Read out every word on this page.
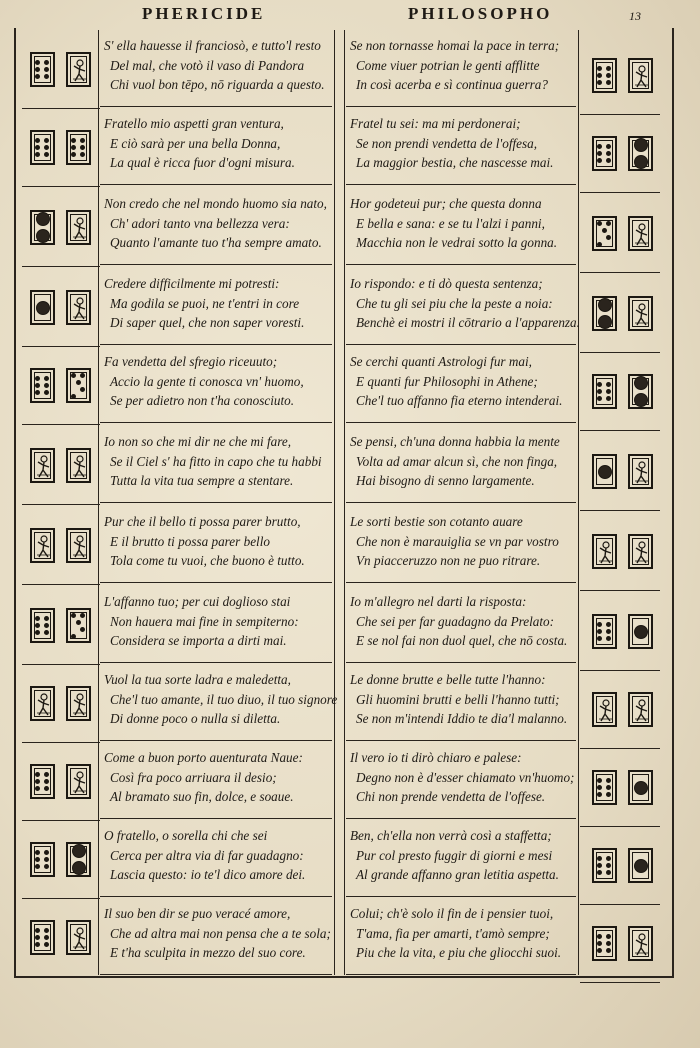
PHERICIDE	PHILOSOPHO	13
S' ella hauesse il franciosò, e tutto'l resto
Del mal, che votò il vaso di Pandora
Chi vuol bon tēpo, nō riguarda a questo.
Fratello mio aspetti gran ventura,
E ciò sarà per una bella Donna,
La qual è ricca fuor d'ogni misura.
Non credo che nel mondo huomo sia nato,
Ch' adori tanto vna bellezza vera:
Quanto l'amante tuo t'ha sempre amato.
Credere difficilmente mi potresti:
Ma godila se puoi, ne t'entri in core
Di saper quel, che non saper voresti.
Fa vendetta del sfregio riceuuto;
Accio la gente ti conosca vn' huomo,
Se per adietro non t'ha conosciuto.
Io non so che mi dir ne che mi fare,
Se il Ciel s' ha fitto in capo che tu habbi
Tutta la vita tua sempre a stentare.
Pur che il bello ti possa parer brutto,
E il brutto ti possa parer bello
Tola come tu vuoi, che buono è tutto.
L'affanno tuo; per cui doglioso stai
Non hauera mai fine in sempiterno:
Considera se importa a dirti mai.
Vuol la tua sorte ladra e maledetta,
Che'l tuo amante, il tuo diuo, il tuo signore
Di donne poco o nulla si diletta.
Come a buon porto auenturata Naue:
Così fra poco arriuara il desio;
Al bramato suo fin, dolce, e soaue.
O fratello, o sorella chi che sei
Cerca per altra via di far guadagno:
Lascia questo: io te'l dico amore dei.
Il suo ben dir se puo veracé amore,
Che ad altra mai non pensa che a te sola;
E t'ha sculpita in mezzo del suo core.
Se non tornasse homai la pace in terra;
Come viuer potrian le genti afflitte
In così acerba e sì continua guerra?
Fratel tu sei: ma mi perdonerai;
Se non prendi vendetta de l'offesa,
La maggior bestia, che nascesse mai.
Hor godeteui pur; che questa donna
E bella e sana: e se tu l'alzi i panni,
Macchia non le vedrai sotto la gonna.
Io rispondo: e ti dò questa sentenza;
Che tu gli sei piu che la peste a noia:
Benchè ei mostri il cōtrario a l'apparenza.
Se cerchi quanti Astrologi fur mai,
E quanti fur Philosophi in Athene;
Che'l tuo affanno fia eterno intenderai.
Se pensi, ch'una donna habbia la mente
Volta ad amar alcun sì, che non finga,
Hai bisogno di senno largamente.
Le sorti bestie son cotanto auare
Che non è marauiglia se vn par vostro
Vn piacceruzzo non ne puo ritrare.
Io m'allegro nel darti la risposta:
Che sei per far guadagno da Prelato:
E se nol fai non duol quel, che nō costa.
Le donne brutte e belle tutte l'hanno:
Gli huomini brutti e belli l'hanno tutti;
Se non m'intendi Iddio te dia'l malanno.
Il vero io ti dirò chiaro e palese:
Degno non è d'esser chiamato vn'huomo;
Chi non prende vendetta de l'offese.
Ben, ch'ella non verrà così a staffetta;
Pur col presto fuggir di giorni e mesi
Al grande affanno gran letitia aspetta.
Colui; ch'è solo il fin de i pensier tuoi,
T'ama, fia per amarti, t'amò sempre;
Piu che la vita, e piu che gliocchi suoi.
